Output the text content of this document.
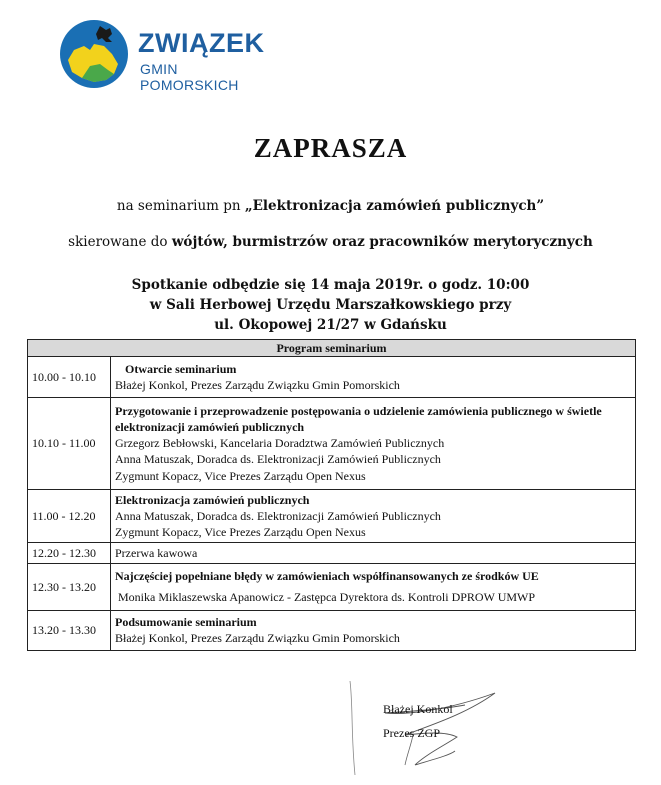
ZWIĄZEK
GMIN POMORSKICH
ZAPRASZA
na seminarium pn „Elektronizacja zamówień publicznych”
skierowane do wójtów, burmistrzów oraz pracowników merytorycznych
Spotkanie odbędzie się 14 maja 2019r. o godz. 10:00
w Sali Herbowej Urzędu Marszałkowskiego przy
ul. Okopowej 21/27 w Gdańsku
Program seminarium	
10.00 - 10.10	Otwarcie seminarium
Błażej Konkol, Prezes Zarządu Związku Gmin Pomorskich

10.10 - 11.00	Przygotowanie i przeprowadzenie postępowania o udzielenie zamówienia publicznego w świetle elektronizacji zamówień publicznych
Grzegorz Bebłowski, Kancelaria Doradztwa Zamówień Publicznych
Anna Matuszak, Doradca ds. Elektronizacji Zamówień Publicznych
Zygmunt Kopacz, Vice Prezes Zarządu Open Nexus

11.00 - 12.20	Elektronizacja zamówień publicznych
Anna Matuszak, Doradca ds. Elektronizacji Zamówień Publicznych
Zygmunt Kopacz, Vice Prezes Zarządu Open Nexus

12.20 - 12.30	Przerwa kawowa

12.30 - 13.20	Najczęściej popełniane błędy w zamówieniach współfinansowanych ze środków UE
Monika Miklaszewska Apanowicz - Zastępca Dyrektora ds. Kontroli DPROW UMWP

13.20 - 13.30	Podsumowanie seminarium
Błażej Konkol, Prezes Zarządu Związku Gmin Pomorskich
Błażej Konkol
Prezes ZGP
